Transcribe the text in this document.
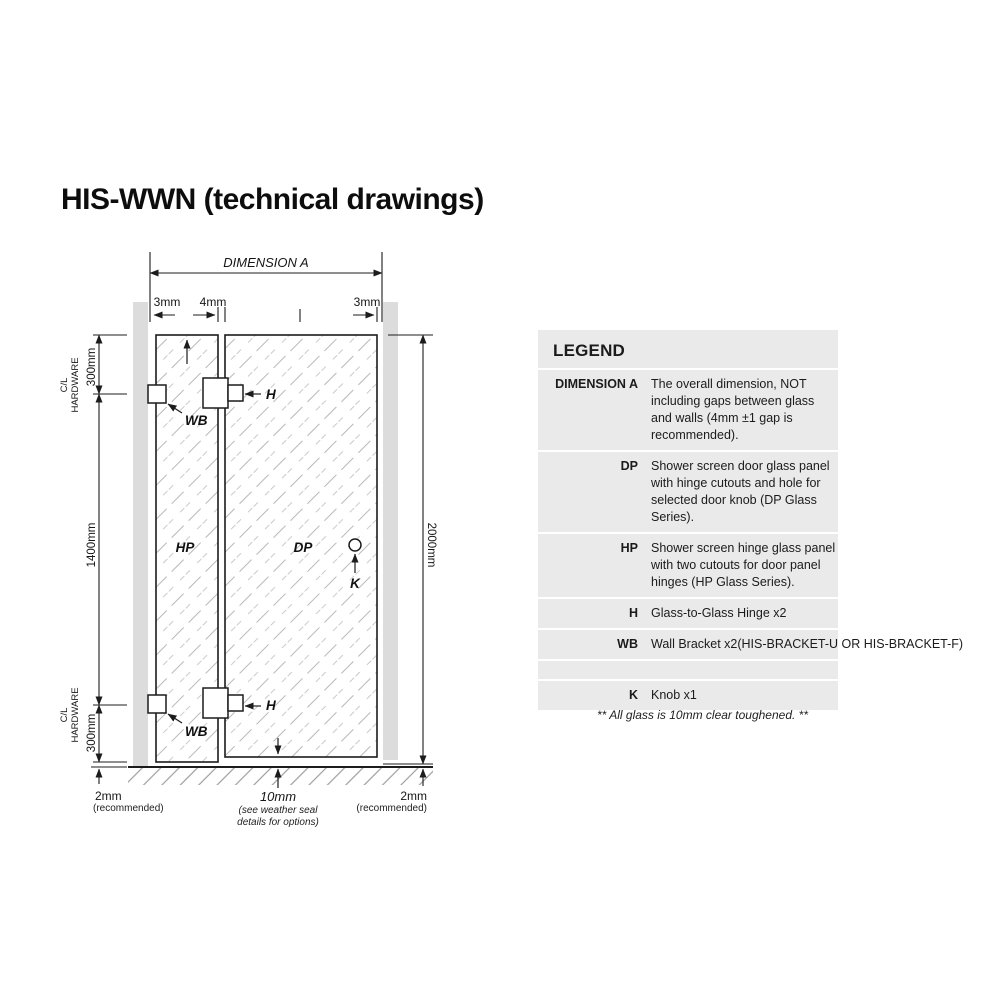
HIS-WWN (technical drawings)
DIMENSION A
3mm 4mm	3mm
2000mm
2mm
(recommended)
C/L HARDWARE 300mm
1400mm
C/L HARDWARE 300mm
2mm
(recommended)
WB
H
HP	DP
K
WB
H
10mm
(see weather seal
details for options)
LEGEND
DIMENSION A The overall dimension, NOT including gaps between glass and walls (4mm ±1 gap is recommended).
DP Shower screen door glass panel with hinge cutouts and hole for selected door knob (DP Glass Series).
HP Shower screen hinge glass panel with two cutouts for door panel hinges (HP Glass Series).
H Glass-to-Glass Hinge x2
WB Wall Bracket x2(HIS-BRACKET-U OR HIS-BRACKET-F)
K Knob x1
** All glass is 10mm clear toughened. **
